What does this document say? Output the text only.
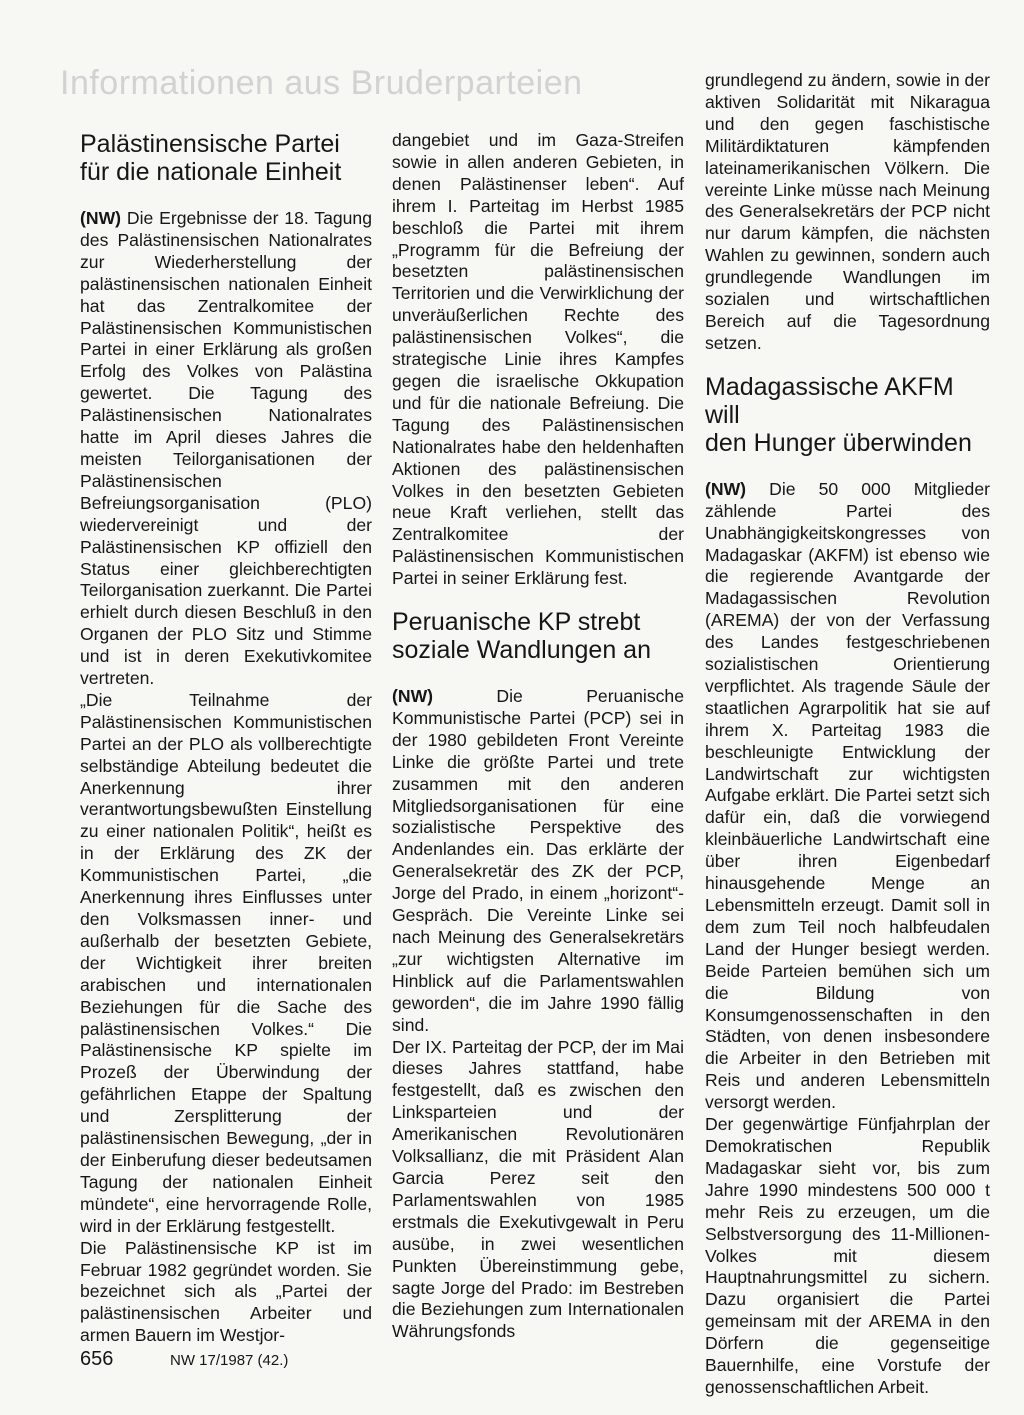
Informationen aus Bruderparteien
Palästinensische Partei
für die nationale Einheit

(NW) Die Ergebnisse der 18. Tagung des Palästinensischen Nationalrates zur Wiederherstellung der palästinensischen nationalen Einheit hat das Zentralkomitee der Palästinensischen Kommunistischen Partei in einer Erklärung als großen Erfolg des Volkes von Palästina gewertet. Die Tagung des Palästinensischen Nationalrates hatte im April dieses Jahres die meisten Teilorganisationen der Palästinensischen Befreiungsorganisation (PLO) wiedervereinigt und der Palästinensischen KP offiziell den Status einer gleichberechtigten Teilorganisation zuerkannt. Die Partei erhielt durch diesen Beschluß in den Organen der PLO Sitz und Stimme und ist in deren Exekutivkomitee vertreten.

„Die Teilnahme der Palästinensischen Kommunistischen Partei an der PLO als vollberechtigte selbständige Abteilung bedeutet die Anerkennung ihrer verantwortungsbewußten Einstellung zu einer nationalen Politik“, heißt es in der Erklärung des ZK der Kommunistischen Partei, „die Anerkennung ihres Einflusses unter den Volksmassen inner- und außerhalb der besetzten Gebiete, der Wichtigkeit ihrer breiten arabischen und internationalen Beziehungen für die Sache des palästinensischen Volkes.“ Die Palästinensische KP spielte im Prozeß der Überwindung der gefährlichen Etappe der Spaltung und Zersplitterung der palästinensischen Bewegung, „der in der Einberufung dieser bedeutsamen Tagung der nationalen Einheit mündete“, eine hervorragende Rolle, wird in der Erklärung festgestellt.

Die Palästinensische KP ist im Februar 1982 gegründet worden. Sie bezeichnet sich als „Partei der palästinensischen Arbeiter und armen Bauern im Westjor-

dangebiet und im Gaza-Streifen sowie in allen anderen Gebieten, in denen Palästinenser leben“. Auf ihrem I. Parteitag im Herbst 1985 beschloß die Partei mit ihrem „Programm für die Befreiung der besetzten palästinensischen Territorien und die Verwirklichung der unveräußerlichen Rechte des palästinensischen Volkes“, die strategische Linie ihres Kampfes gegen die israelische Okkupation und für die nationale Befreiung. Die Tagung des Palästinensischen Nationalrates habe den heldenhaften Aktionen des palästinensischen Volkes in den besetzten Gebieten neue Kraft verliehen, stellt das Zentralkomitee der Palästinensischen Kommunistischen Partei in seiner Erklärung fest.

Peruanische KP strebt
soziale Wandlungen an

(NW) Die Peruanische Kommunistische Partei (PCP) sei in der 1980 gebildeten Front Vereinte Linke die größte Partei und trete zusammen mit den anderen Mitgliedsorganisationen für eine sozialistische Perspektive des Andenlandes ein. Das erklärte der Generalsekretär des ZK der PCP, Jorge del Prado, in einem „horizont“-Gespräch. Die Vereinte Linke sei nach Meinung des Generalsekretärs „zur wichtigsten Alternative im Hinblick auf die Parlamentswahlen geworden“, die im Jahre 1990 fällig sind.

Der IX. Parteitag der PCP, der im Mai dieses Jahres stattfand, habe festgestellt, daß es zwischen den Linksparteien und der Amerikanischen Revolutionären Volksallianz, die mit Präsident Alan Garcia Perez seit den Parlamentswahlen von 1985 erstmals die Exekutivgewalt in Peru ausübe, in zwei wesentlichen Punkten Übereinstimmung gebe, sagte Jorge del Prado: im Bestreben die Beziehungen zum Internationalen Währungsfonds

grundlegend zu ändern, sowie in der aktiven Solidarität mit Nikaragua und den gegen faschistische Militärdiktaturen kämpfenden lateinamerikanischen Völkern. Die vereinte Linke müsse nach Meinung des Generalsekretärs der PCP nicht nur darum kämpfen, die nächsten Wahlen zu gewinnen, sondern auch grundlegende Wandlungen im sozialen und wirtschaftlichen Bereich auf die Tagesordnung setzen.

Madagassische AKFM will
den Hunger überwinden

(NW) Die 50 000 Mitglieder zählende Partei des Unabhängigkeitskongresses von Madagaskar (AKFM) ist ebenso wie die regierende Avantgarde der Madagassischen Revolution (AREMA) der von der Verfassung des Landes festgeschriebenen sozialistischen Orientierung verpflichtet. Als tragende Säule der staatlichen Agrarpolitik hat sie auf ihrem X. Parteitag 1983 die beschleunigte Entwicklung der Landwirtschaft zur wichtigsten Aufgabe erklärt. Die Partei setzt sich dafür ein, daß die vorwiegend kleinbäuerliche Landwirtschaft eine über ihren Eigenbedarf hinausgehende Menge an Lebensmitteln erzeugt. Damit soll in dem zum Teil noch halbfeudalen Land der Hunger besiegt werden. Beide Parteien bemühen sich um die Bildung von Konsumgenossenschaften in den Städten, von denen insbesondere die Arbeiter in den Betrieben mit Reis und anderen Lebensmitteln versorgt werden.

Der gegenwärtige Fünfjahrplan der Demokratischen Republik Madagaskar sieht vor, bis zum Jahre 1990 mindestens 500 000 t mehr Reis zu erzeugen, um die Selbstversorgung des 11-Millionen-Volkes mit diesem Hauptnahrungsmittel zu sichern. Dazu organisiert die Partei gemeinsam mit der AREMA in den Dörfern die gegenseitige Bauernhilfe, eine Vorstufe der genossenschaftlichen Arbeit.

656	NW 17/1987 (42.)
